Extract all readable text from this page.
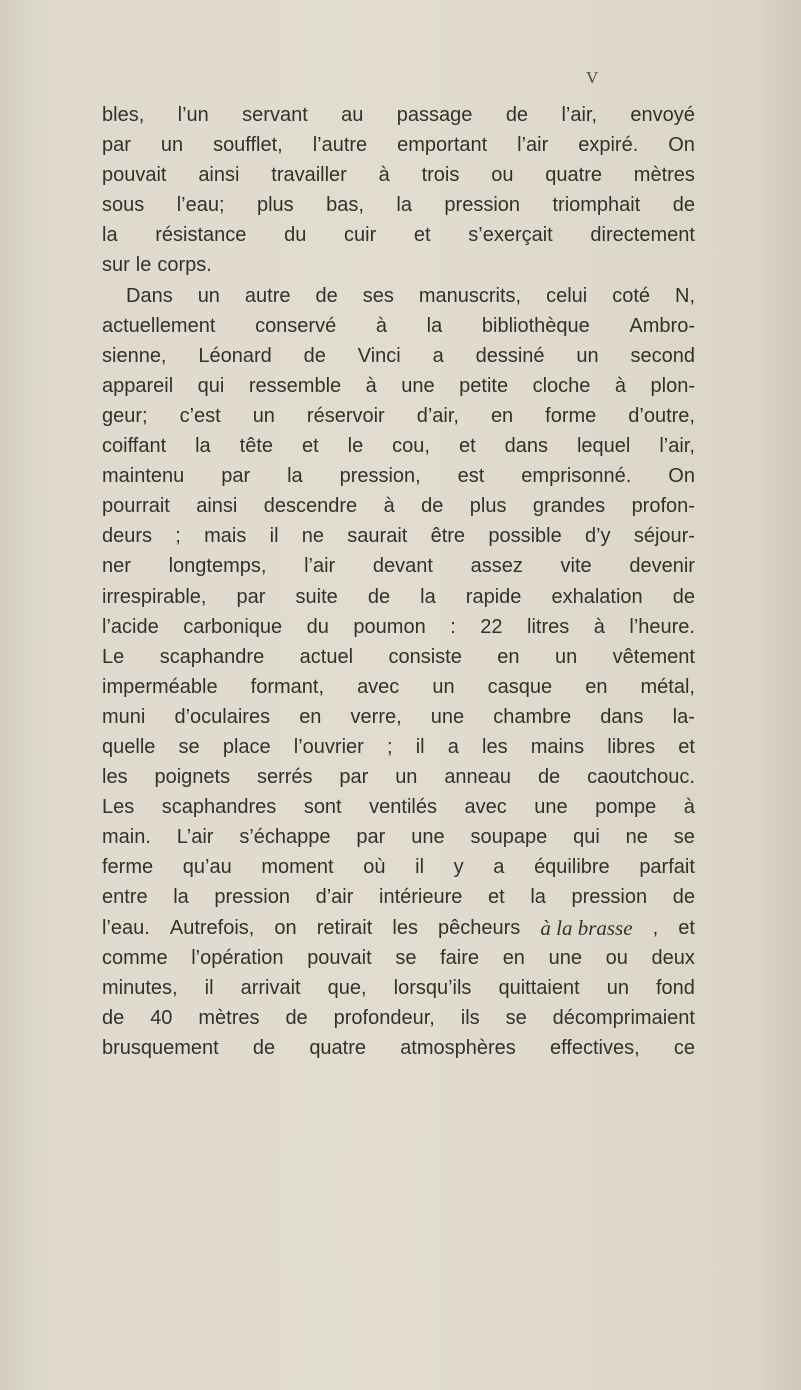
V
bles, l’un servant au passage de l’air, envoyé
par un soufflet, l’autre emportant l’air expiré. On
pouvait ainsi travailler à trois ou quatre mètres
sous l’eau; plus bas, la pression triomphait de
la résistance du cuir et s’exerçait directement
sur le corps.
Dans un autre de ses manuscrits, celui coté N,
actuellement conservé à la bibliothèque Ambro-
sienne, Léonard de Vinci a dessiné un second
appareil qui ressemble à une petite cloche à plon-
geur; c’est un réservoir d’air, en forme d’outre,
coiffant la tête et le cou, et dans lequel l’air,
maintenu par la pression, est emprisonné. On
pourrait ainsi descendre à de plus grandes profon-
deurs ; mais il ne saurait être possible d’y séjour-
ner longtemps, l’air devant assez vite devenir
irrespirable, par suite de la rapide exhalation de
l’acide carbonique du poumon : 22 litres à l’heure.
Le scaphandre actuel consiste en un vêtement
imperméable formant, avec un casque en métal,
muni d’oculaires en verre, une chambre dans la-
quelle se place l’ouvrier ; il a les mains libres et
les poignets serrés par un anneau de caoutchouc.
Les scaphandres sont ventilés avec une pompe à
main. L’air s’échappe par une soupape qui ne se
ferme qu’au moment où il y a équilibre parfait
entre la pression d’air intérieure et la pression de
l’eau. Autrefois, on retirait les pêcheurs à la brasse , et
comme l’opération pouvait se faire en une ou deux
minutes, il arrivait que, lorsqu’ils quittaient un fond
de 40 mètres de profondeur, ils se décomprimaient
brusquement de quatre atmosphères effectives, ce
